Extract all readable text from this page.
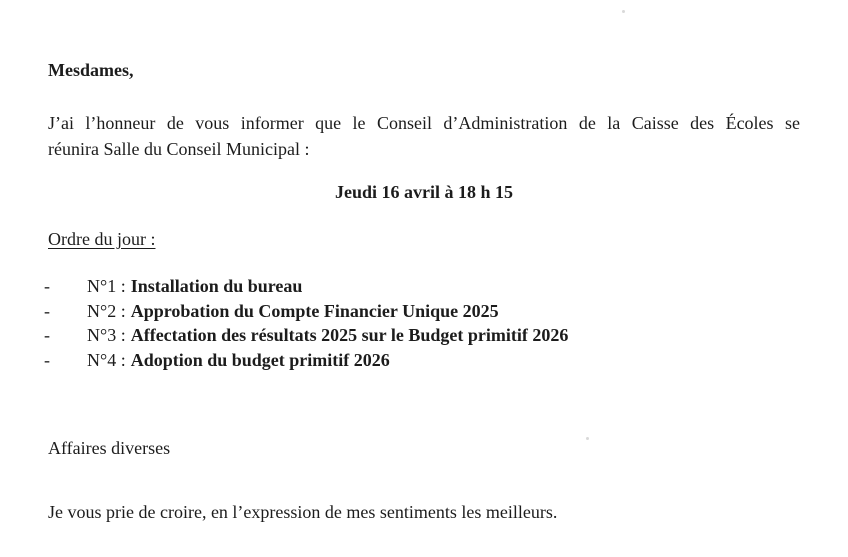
Mesdames,

J’ai l’honneur de vous informer que le Conseil d’Administration de la Caisse des Écoles se
réunira Salle du Conseil Municipal :

Jeudi 16 avril à 18 h 15

Ordre du jour :

-	N°1 : Installation du bureau
-	N°2 : Approbation du Compte Financier Unique 2025
-	N°3 : Affectation des résultats 2025 sur le Budget primitif 2026
-	N°4 : Adoption du budget primitif 2026

Affaires diverses

Je vous prie de croire, en l’expression de mes sentiments les meilleurs.
